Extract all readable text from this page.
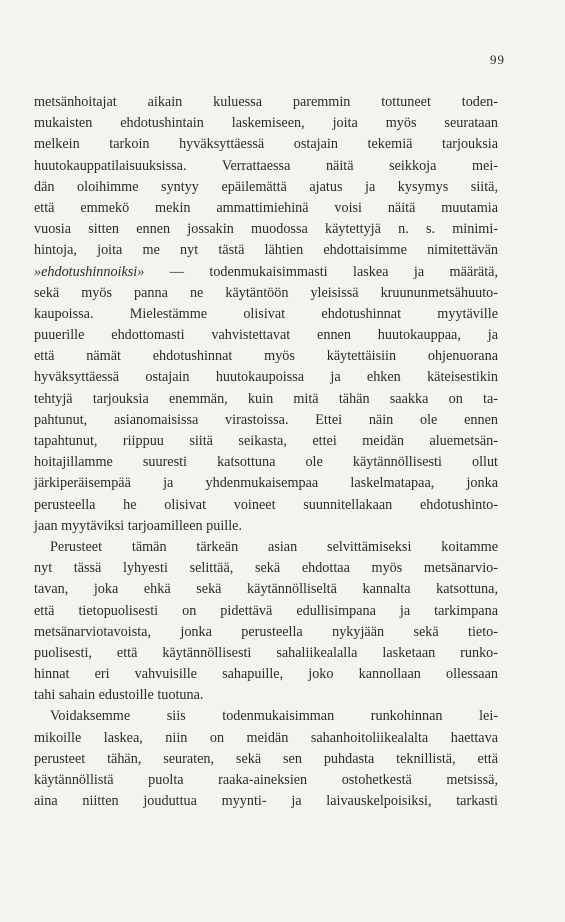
99
metsänhoitajat aikain kuluessa paremmin tottuneet toden-
mukaisten ehdotushintain laskemiseen, joita myös seurataan
melkein tarkoin hyväksyttäessä ostajain tekemiä tarjouksia
huutokauppatilaisuuksissa. Verrattaessa näitä seikkoja mei-
dän oloihimme syntyy epäilemättä ajatus ja kysymys siitä,
että emmekö mekin ammattimiehinä voisi näitä muutamia
vuosia sitten ennen jossakin muodossa käytettyjä n. s. minimi-
hintoja, joita me nyt tästä lähtien ehdottaisimme nimitettävän
»ehdotushinnoiksi» — todenmukaisimmasti laskea ja määrätä,
sekä myös panna ne käytäntöön yleisissä kruununmetsähuuto-
kaupoissa. Mielestämme olisivat ehdotushinnat myytäville
puuerille ehdottomasti vahvistettavat ennen huutokauppaa, ja
että nämät ehdotushinnat myös käytettäisiin ohjenuorana
hyväksyttäessä ostajain huutokaupoissa ja ehken käteisestikin
tehtyjä tarjouksia enemmän, kuin mitä tähän saakka on ta-
pahtunut, asianomaisissa virastoissa. Ettei näin ole ennen
tapahtunut, riippuu siitä seikasta, ettei meidän aluemetsän-
hoitajillamme suuresti katsottuna ole käytännöllisesti ollut
järkiperäisempää ja yhdenmukaisempaa laskelmatapaa, jonka
perusteella he olisivat voineet suunnitellakaan ehdotushinto-
jaan myytäviksi tarjoamilleen puille.
Perusteet tämän tärkeän asian selvittämiseksi koitamme
nyt tässä lyhyesti selittää, sekä ehdottaa myös metsänarvio-
tavan, joka ehkä sekä käytännölliseltä kannalta katsottuna,
että tietopuolisesti on pidettävä edullisimpana ja tarkimpana
metsänarviotavoista, jonka perusteella nykyjään sekä tieto-
puolisesti, että käytännöllisesti sahaliikealalla lasketaan runko-
hinnat eri vahvuisille sahapuille, joko kannollaan ollessaan
tahi sahain edustoille tuotuna.
Voidaksemme siis todenmukaisimman runkohinnan lei-
mikoille laskea, niin on meidän sahanhoitoliikealalta haettava
perusteet tähän, seuraten, sekä sen puhdasta teknillistä, että
käytännöllistä puolta raaka-aineksien ostohetkestä metsissä,
aina niitten jouduttua myynti- ja laivauskelpoisiksi, tarkasti
